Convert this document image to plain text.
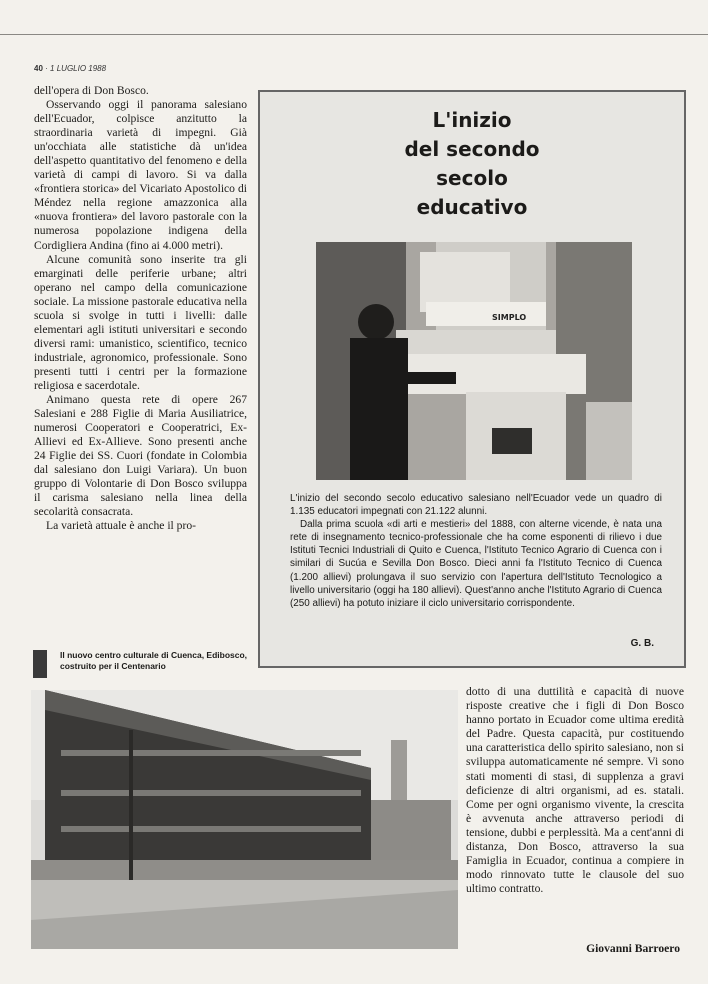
40 · 1 LUGLIO 1988

dell'opera di Don Bosco.

Osservando oggi il panorama salesiano dell'Ecuador, colpisce anzitutto la straordinaria varietà di impegni. Già un'occhiata alle statistiche dà un'idea dell'aspetto quantitativo del fenomeno e della varietà di campi di lavoro. Si va dalla «frontiera storica» del Vicariato Apostolico di Méndez nella regione amazzonica alla «nuova frontiera» del lavoro pastorale con la numerosa popolazione indigena della Cordigliera Andina (fino ai 4.000 metri).

Alcune comunità sono inserite tra gli emarginati delle periferie urbane; altri operano nel campo della comunicazione sociale. La missione pastorale educativa nella scuola si svolge in tutti i livelli: dalle elementari agli istituti universitari e secondo diversi rami: umanistico, scientifico, tecnico industriale, agronomico, professionale. Sono presenti tutti i centri per la formazione religiosa e sacerdotale.

Animano questa rete di opere 267 Salesiani e 288 Figlie di Maria Ausiliatrice, numerosi Cooperatori e Cooperatrici, Ex-Allievi ed Ex-Allieve. Sono presenti anche 24 Figlie dei SS. Cuori (fondate in Colombia dal salesiano don Luigi Variara). Un buon gruppo di Volontarie di Don Bosco sviluppa il carisma salesiano nella linea della secolarità consacrata.

La varietà attuale è anche il pro-

L'inizio
del secondo
secolo
educativo
SIMPLO

L'inizio del secondo secolo educativo salesiano nell'Ecuador vede un quadro di 1.135 educatori impegnati con 21.122 alunni.

Dalla prima scuola «di arti e mestieri» del 1888, con alterne vicende, è nata una rete di insegnamento tecnico-professionale che ha come esponenti di rilievo i due Istituti Tecnici Industriali di Quito e Cuenca, l'Istituto Tecnico Agrario di Cuenca con i similari di Sucúa e Sevilla Don Bosco. Dieci anni fa l'Istituto Tecnico di Cuenca (1.200 allievi) prolungava il suo servizio con l'apertura dell'Istituto Tecnologico a livello universitario (oggi ha 180 allievi). Quest'anno anche l'Istituto Agrario di Cuenca (250 allievi) ha potuto iniziare il ciclo universitario corrispondente.

G. B.
Il nuovo centro culturale di Cuenca, Edibosco, costruito per il Centenario
dotto di una duttilità e capacità di nuove risposte creative che i figli di Don Bosco hanno portato in Ecuador come ultima eredità del Padre. Questa capacità, pur costituendo una caratteristica dello spirito salesiano, non si sviluppa automaticamente né sempre. Vi sono stati momenti di stasi, di supplenza a gravi deficienze di altri organismi, ad es. statali. Come per ogni organismo vivente, la crescita è avvenuta anche attraverso periodi di tensione, dubbi e perplessità. Ma a cent'anni di distanza, Don Bosco, attraverso la sua Famiglia in Ecuador, continua a compiere in modo rinnovato tutte le clausole del suo ultimo contratto.
Giovanni Barroero
